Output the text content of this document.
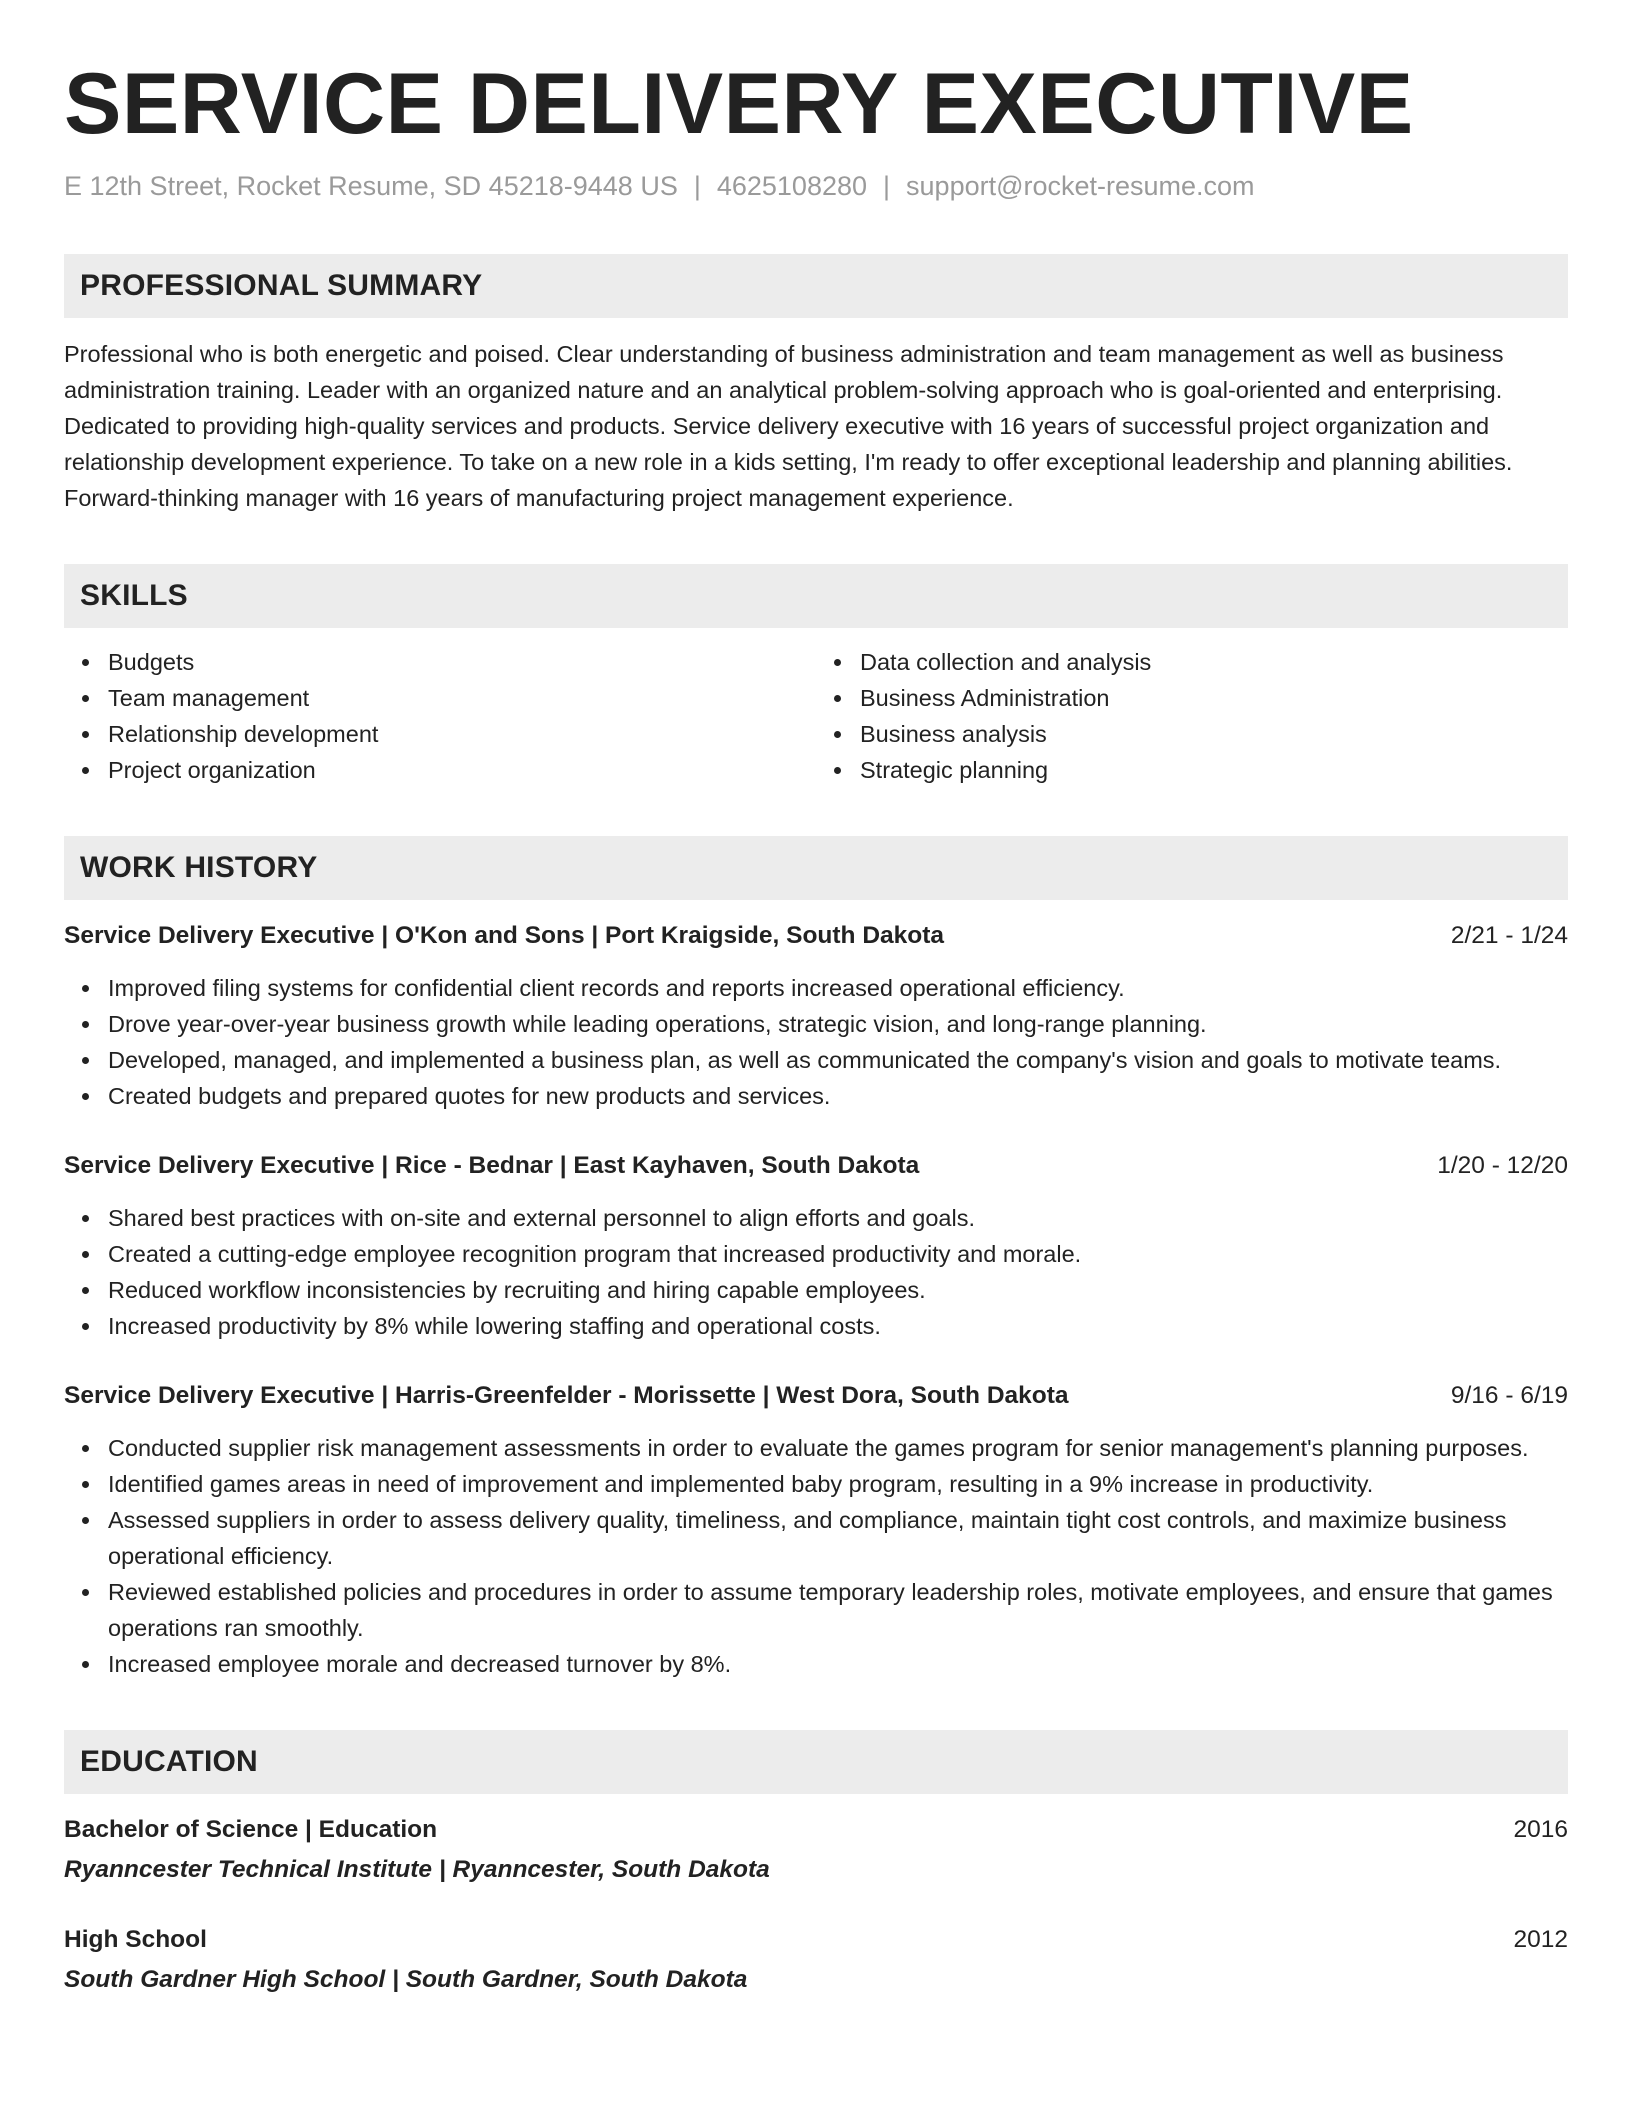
SERVICE DELIVERY EXECUTIVE
E 12th Street, Rocket Resume, SD 45218-9448 US | 4625108280 | support@rocket-resume.com
PROFESSIONAL SUMMARY
Professional who is both energetic and poised. Clear understanding of business administration and team management as well as business administration training. Leader with an organized nature and an analytical problem-solving approach who is goal-oriented and enterprising. Dedicated to providing high-quality services and products. Service delivery executive with 16 years of successful project organization and relationship development experience. To take on a new role in a kids setting, I'm ready to offer exceptional leadership and planning abilities. Forward-thinking manager with 16 years of manufacturing project management experience.
SKILLS
Budgets
Team management
Relationship development
Project organization
Data collection and analysis
Business Administration
Business analysis
Strategic planning
WORK HISTORY
Service Delivery Executive | O'Kon and Sons | Port Kraigside, South Dakota	2/21 - 1/24
Improved filing systems for confidential client records and reports increased operational efficiency.
Drove year-over-year business growth while leading operations, strategic vision, and long-range planning.
Developed, managed, and implemented a business plan, as well as communicated the company's vision and goals to motivate teams.
Created budgets and prepared quotes for new products and services.
Service Delivery Executive | Rice - Bednar | East Kayhaven, South Dakota	1/20 - 12/20
Shared best practices with on-site and external personnel to align efforts and goals.
Created a cutting-edge employee recognition program that increased productivity and morale.
Reduced workflow inconsistencies by recruiting and hiring capable employees.
Increased productivity by 8% while lowering staffing and operational costs.
Service Delivery Executive | Harris-Greenfelder - Morissette | West Dora, South Dakota	9/16 - 6/19
Conducted supplier risk management assessments in order to evaluate the games program for senior management's planning purposes.
Identified games areas in need of improvement and implemented baby program, resulting in a 9% increase in productivity.
Assessed suppliers in order to assess delivery quality, timeliness, and compliance, maintain tight cost controls, and maximize business operational efficiency.
Reviewed established policies and procedures in order to assume temporary leadership roles, motivate employees, and ensure that games operations ran smoothly.
Increased employee morale and decreased turnover by 8%.
EDUCATION
Bachelor of Science | Education	2016
Ryanncester Technical Institute | Ryanncester, South Dakota
High School	2012
South Gardner High School | South Gardner, South Dakota
